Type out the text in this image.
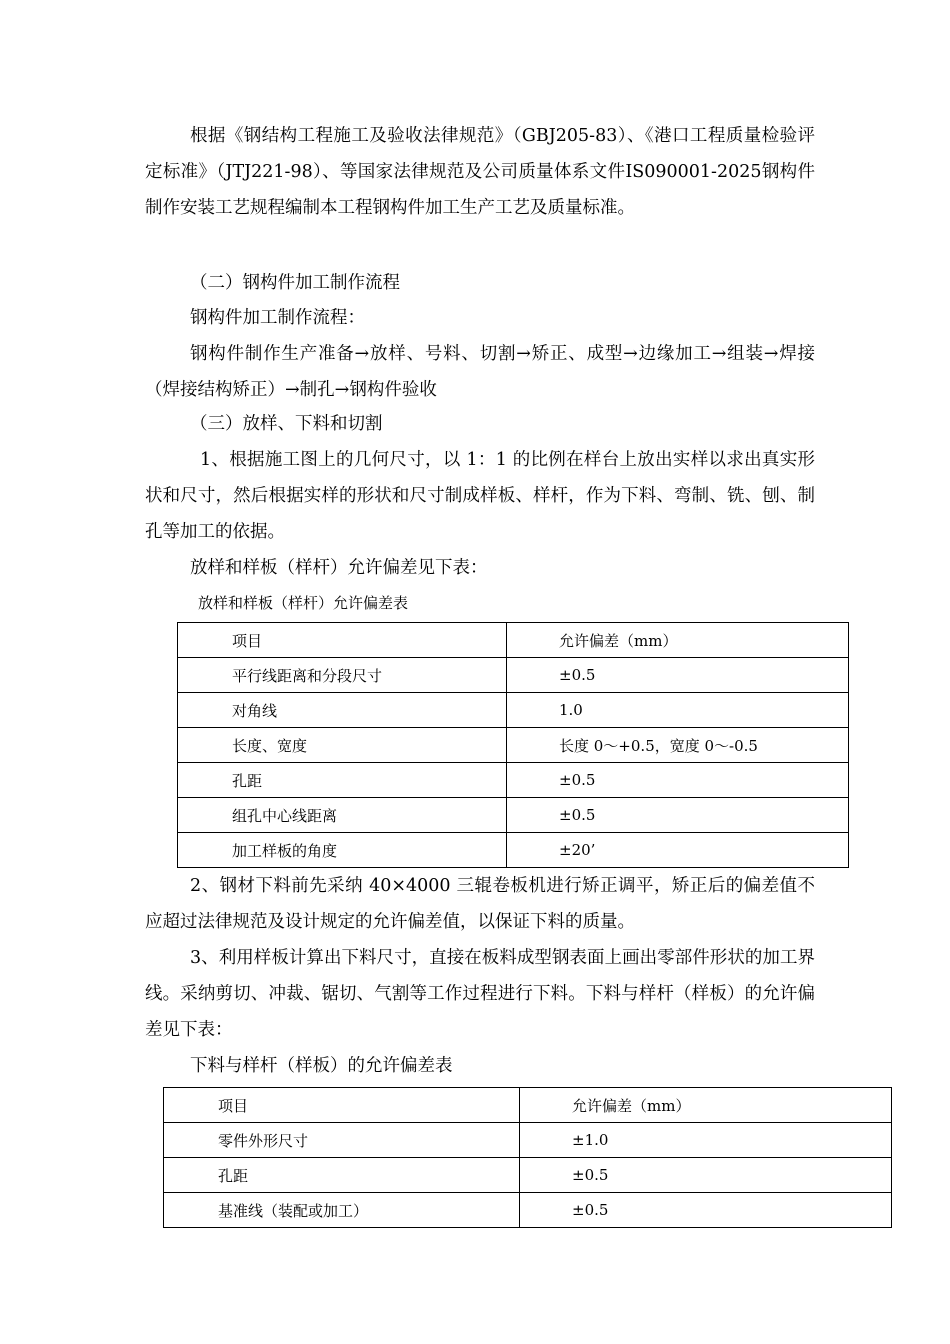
根据《钢结构工程施工及验收法律规范》（GBJ205-83）、《港口工程质量检验评定标准》（JTJ221-98）、等国家法律规范及公司质量体系文件IS090001-2025钢构件制作安装工艺规程编制本工程钢构件加工生产工艺及质量标准。

（二）钢构件加工制作流程

钢构件加工制作流程：

钢构件制作生产准备→放样、号料、切割→矫正、成型→边缘加工→组装→焊接（焊接结构矫正）→制孔→钢构件验收

（三）放样、下料和切割

1、根据施工图上的几何尺寸，以 1：1 的比例在样台上放出实样以求出真实形状和尺寸，然后根据实样的形状和尺寸制成样板、样杆，作为下料、弯制、铣、刨、制孔等加工的依据。

放样和样板（样杆）允许偏差见下表：

放样和样板（样杆）允许偏差表
项目	允许偏差（mm）
平行线距离和分段尺寸	±0.5
对角线	1.0
长度、宽度	长度 0～+0.5，宽度 0～-0.5
孔距	±0.5
组孔中心线距离	±0.5
加工样板的角度	±20’

2、钢材下料前先采纳 40×4000 三辊卷板机进行矫正调平，矫正后的偏差值不应超过法律规范及设计规定的允许偏差值，以保证下料的质量。

3、利用样板计算出下料尺寸，直接在板料成型钢表面上画出零部件形状的加工界线。采纳剪切、冲裁、锯切、气割等工作过程进行下料。下料与样杆（样板）的允许偏差见下表：

下料与样杆（样板）的允许偏差表

项目	允许偏差（mm）
零件外形尺寸	±1.0
孔距	±0.5
基准线（装配或加工）	±0.5
